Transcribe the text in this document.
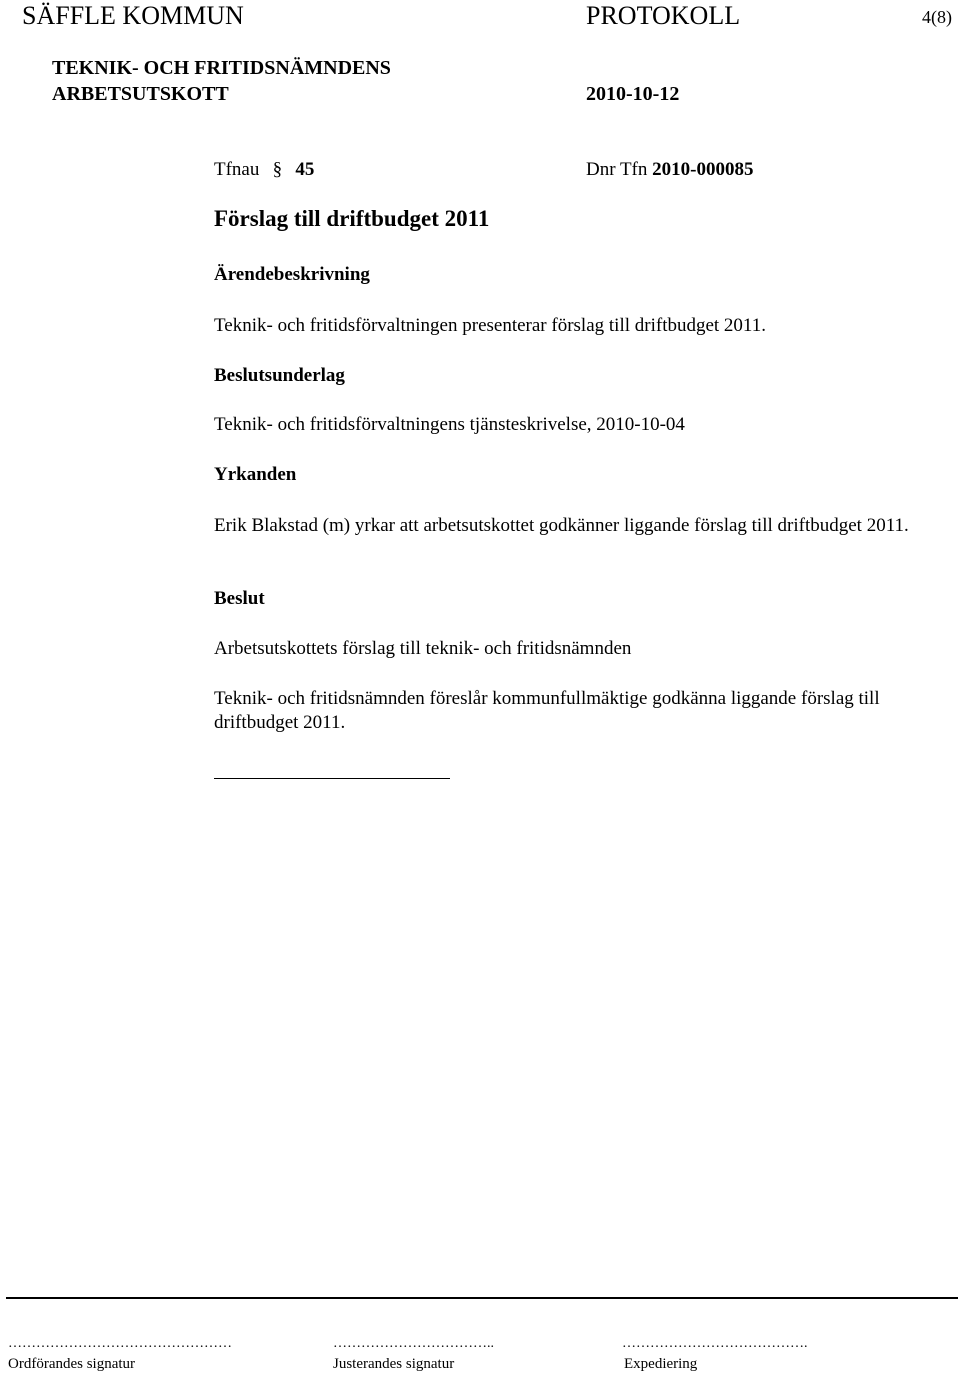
SÄFFLE KOMMUN	PROTOKOLL	4(8)
TEKNIK- OCH FRITIDSNÄMNDENS
ARBETSUTSKOTT	2010-10-12
Tfnau § 45	Dnr Tfn 2010-000085
Förslag till driftbudget 2011
Ärendebeskrivning
Teknik- och fritidsförvaltningen presenterar förslag till driftbudget 2011.
Beslutsunderlag
Teknik- och fritidsförvaltningens tjänsteskrivelse, 2010-10-04
Yrkanden
Erik Blakstad (m) yrkar att arbetsutskottet godkänner liggande förslag till driftbudget 2011.
Beslut
Arbetsutskottets förslag till teknik- och fritidsnämnden
Teknik- och fritidsnämnden föreslår kommunfullmäktige godkänna liggande förslag till driftbudget 2011.
…………………………………………	……………………………..	………………………………….
Ordförandes signatur	Justerandes signatur	Expediering
